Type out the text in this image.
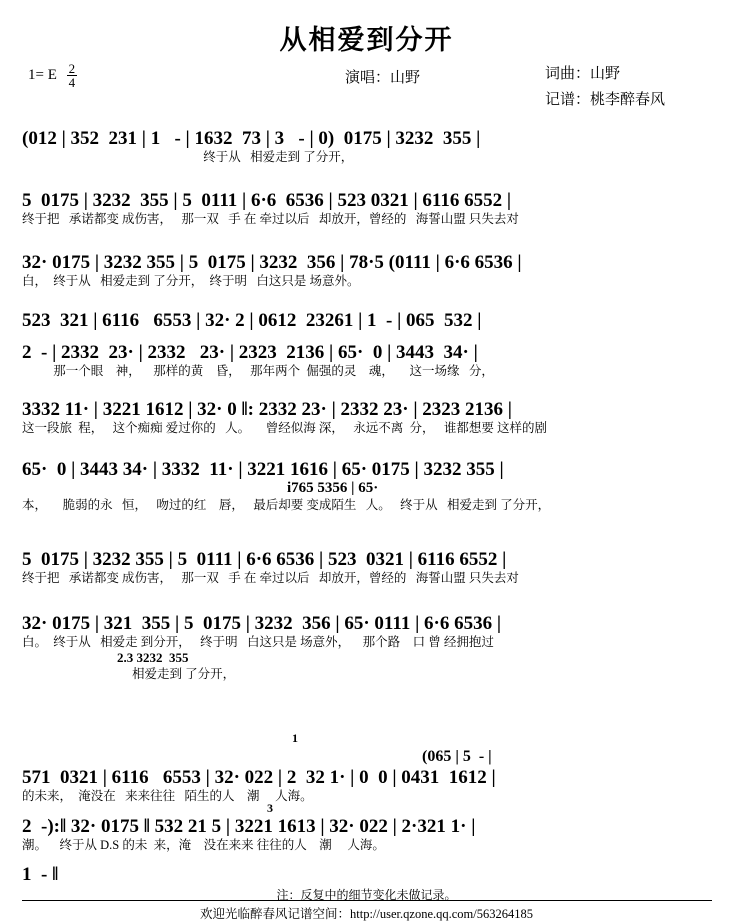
从相爱到分开
1= E $\frac{2}{4}$	演唱：山野	词曲：山野
记谱：桃李醉春风
(012 | 352  231 | 1   - | 1632  73 | 3   - | 0)  0175 | 3232  355 |
终于从   相爱走到 了分开，
5  0175 | 3232  355 | 5  0111 | 6·6  6536 | 523 0321 | 6116 6552 |
终于把   承诺都变 成伤害，   那一双   手 在 牵过以后   却放开，曾经的   海誓山盟 只失去对
32· 0175 | 3232 355 | 5  0175 | 3232  356 | 78·5 (0111 | 6·6 6536 |
白，  终于从   相爱走到 了分开，  终于明   白这只是 场意外。
523  321 | 6116   6553 | 32· 2 | 0612  23261 | 1  - | 065  532 |
2  - | 2332  23· | 2332   23· | 2323  2136 | 65·  0 | 3443  34· |
那一个眼    神，    那样的黄    昏，   那年两个  倔强的灵    魂，     这一场缘   分，
3332 11· | 3221 1612 | 32· 0 ‖: 2332 23· | 2332 23· | 2323 2136 |
这一段旅  程，   这个痴痴 爱过你的   人。     曾经似海 深，   永远不离  分，   谁都想要 这样的剧
65·  0 | 3443 34· | 3332  11· | 3221 1616 | 65· 0175 | 3232 355 |
i765 5356 | 65·
本，     脆弱的永   恒，   吻过的红    唇，   最后却要 变成陌生   人。   终于从   相爱走到 了分开，
5  0175 | 3232 355 | 5  0111 | 6·6 6536 | 523  0321 | 6116 6552 |
终于把   承诺都变 成伤害，   那一双   手 在 牵过以后   却放开，曾经的   海誓山盟 只失去对
32· 0175 | 321  355 | 5  0175 | 3232  356 | 65· 0111 | 6·6 6536 |
白。  终于从   相爱走 到分开，   终于明   白这只是 场意外，    那个路    口 曾 经拥抱过
2.3 3232  355
相爱走到 了分开，
1
(065 | 5  - |
571  0321 | 6116   6553 | 32· 022 | 2  32 1· | 0  0 | 0431  1612 |
的未来，  淹没在   来来往往   陌生的人    潮     人海。
3
2  -):‖ 32· 0175 ‖ 532 21 5 | 3221 1613 | 32· 022 | 2·321 1· |
潮。    终于从 D.S 的未  来，淹    没在来来 往往的人    潮     人海。
1  - ‖
注：反复中的细节变化未做记录。
欢迎光临醉春风记谱空间：http://user.qzone.qq.com/563264185
